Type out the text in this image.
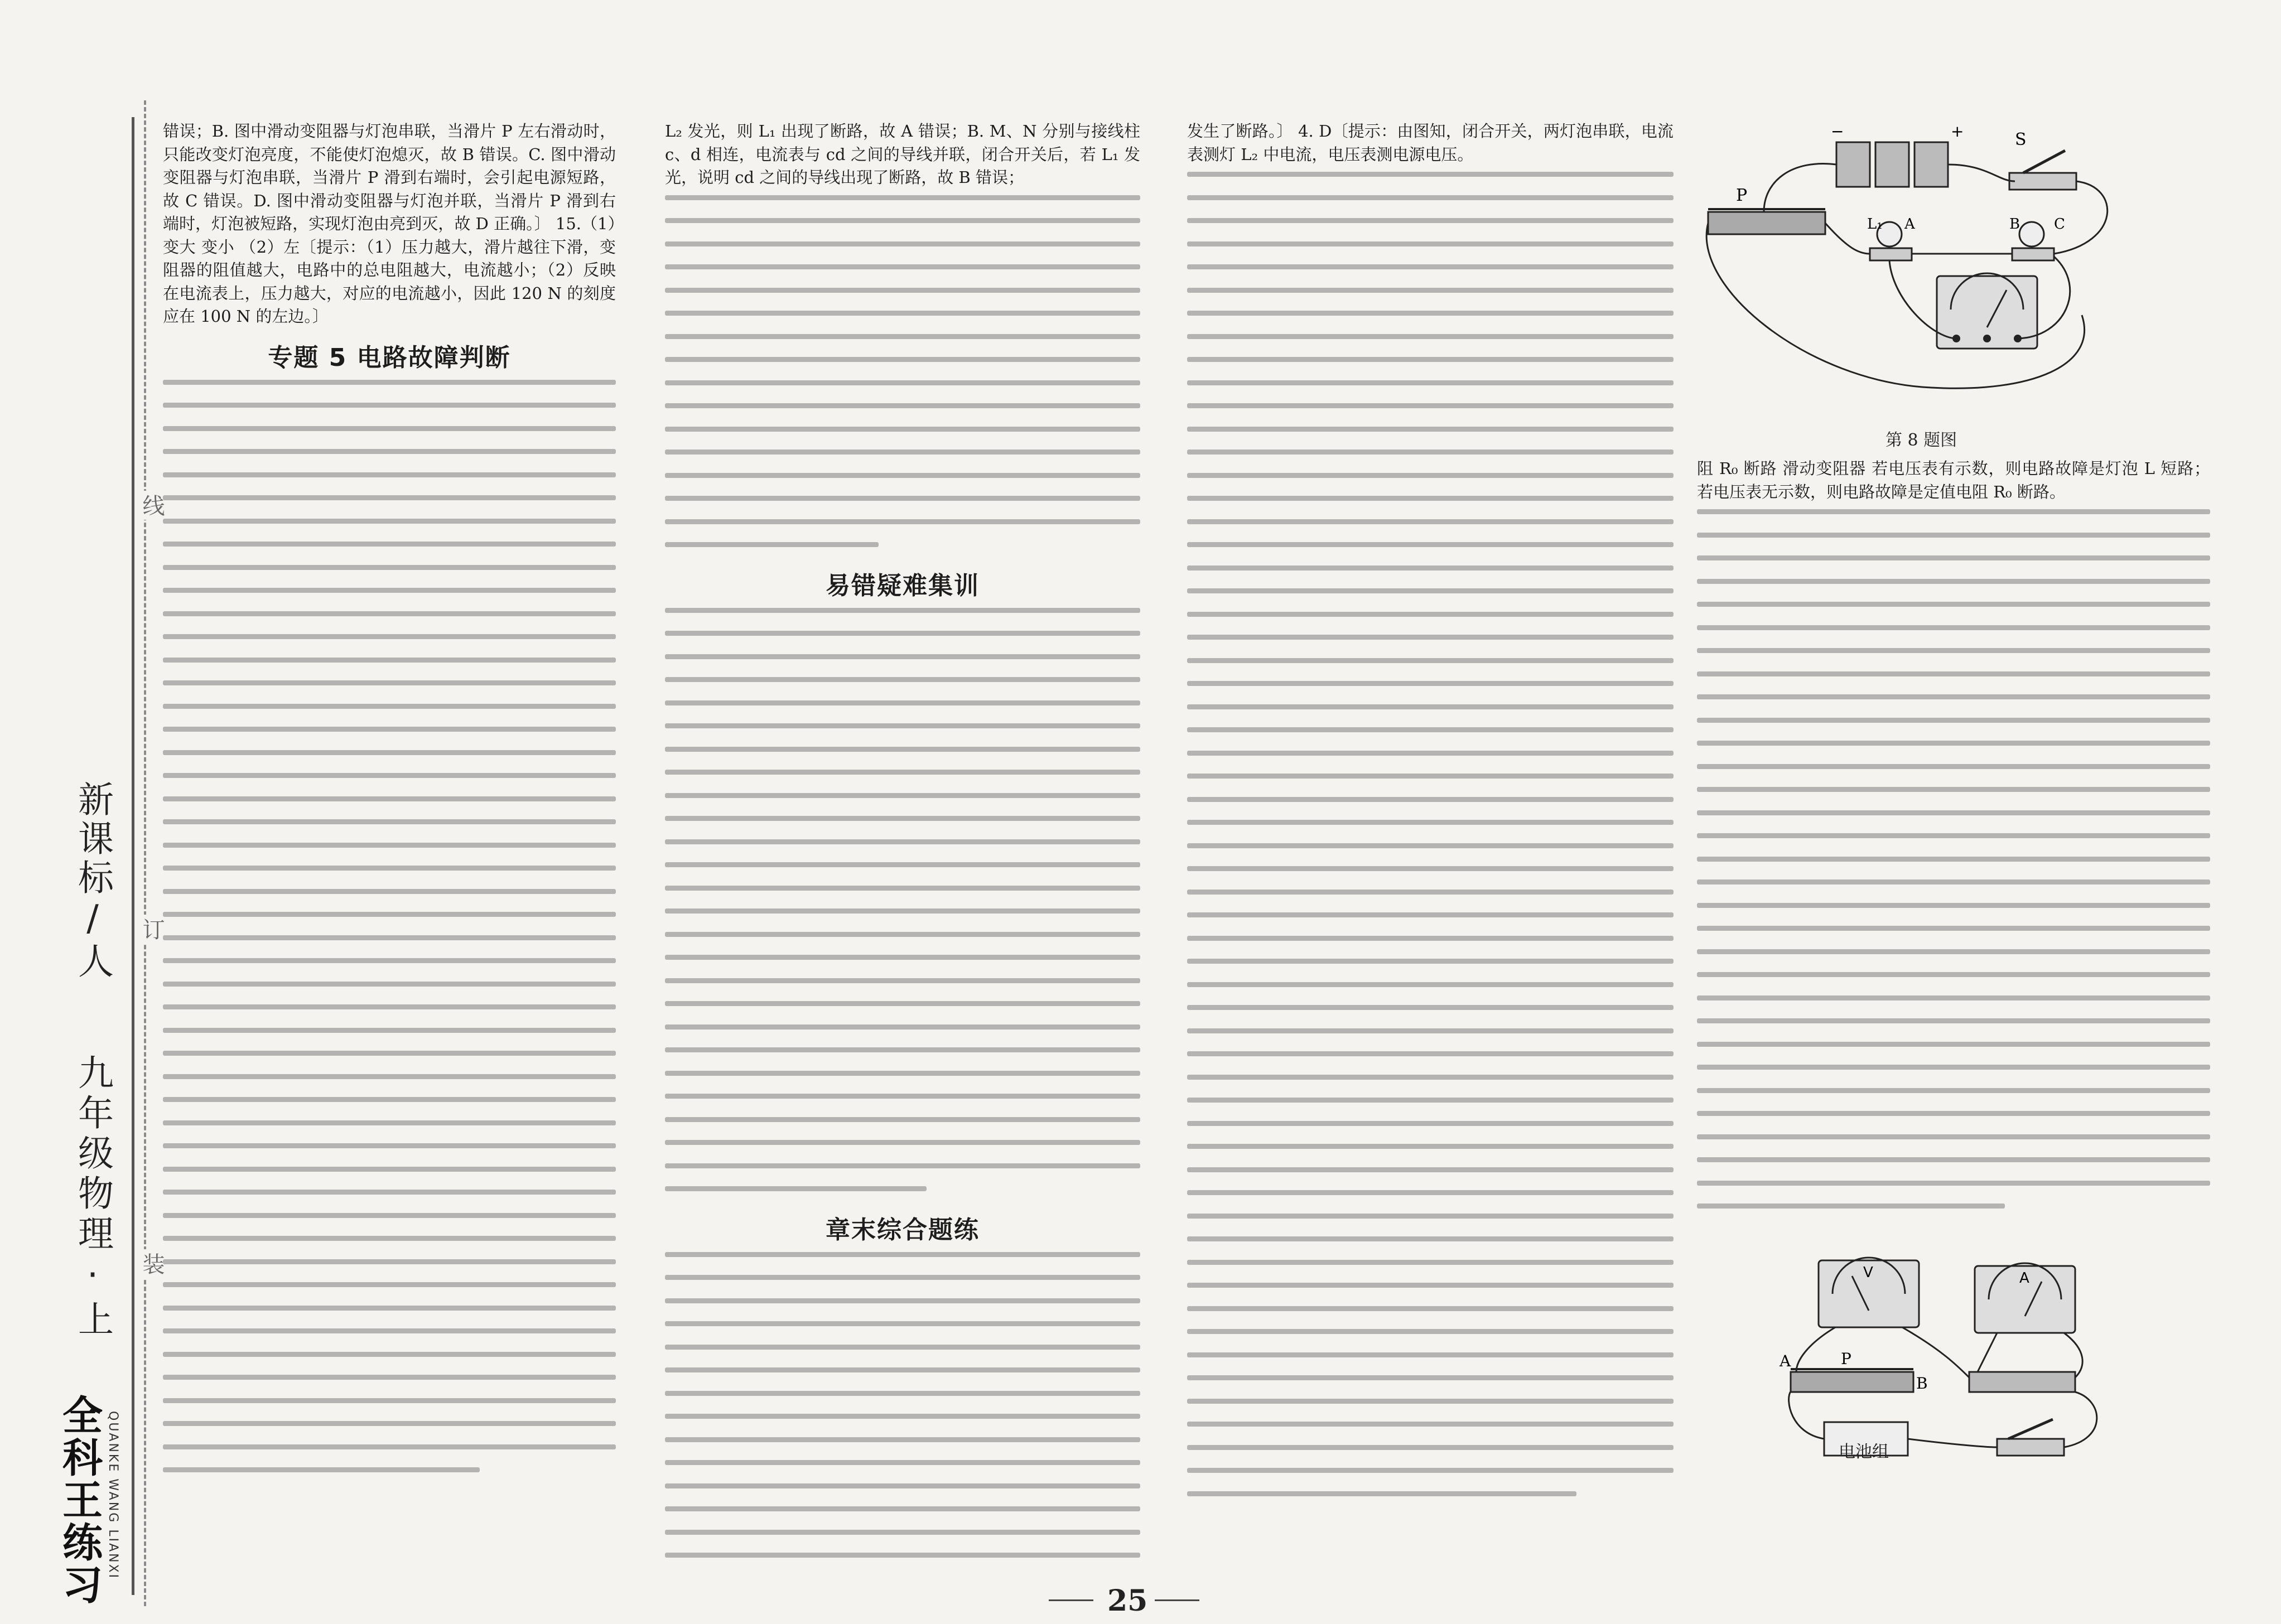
新课标/人
九年级物理·上
线
订
装
全科王练习 QUANKE WANG LIANXI

错误；B. 图中滑动变阻器与灯泡串联，当滑片 P 左右滑动时，只能改变灯泡亮度，不能使灯泡熄灭，故 B 错误。C. 图中滑动变阻器与灯泡串联，当滑片 P 滑到右端时，会引起电源短路，故 C 错误。D. 图中滑动变阻器与灯泡并联，当滑片 P 滑到右端时，灯泡被短路，实现灯泡由亮到灭，故 D 正确。〕 15.（1）变大 变小 （2）左〔提示：（1）压力越大，滑片越往下滑，变阻器的阻值越大，电路中的总电阻越大，电流越小；（2）反映在电流表上，压力越大，对应的电流越小，因此 120 N 的刻度应在 100 N 的左边。〕

专题 5 电路故障判断

L₂ 发光，则 L₁ 出现了断路，故 A 错误；B. M、N 分别与接线柱 c、d 相连，电流表与 cd 之间的导线并联，闭合开关后，若 L₁ 发光，说明 cd 之间的导线出现了断路，故 B 错误；

易错疑难集训
章末综合题练

发生了断路。〕 4. D〔提示：由图知，闭合开关，两灯泡串联，电流表测灯 L₂ 中电流，电压表测电源电压。

−	+	S
P
L₁ A	B C
第 8 题图

阻 R₀ 断路 滑动变阻器 若电压表有示数，则电路故障是灯泡 L 短路；若电压表无示数，则电路故障是定值电阻 R₀ 断路。

V	A
A	P
B
电池组
25
